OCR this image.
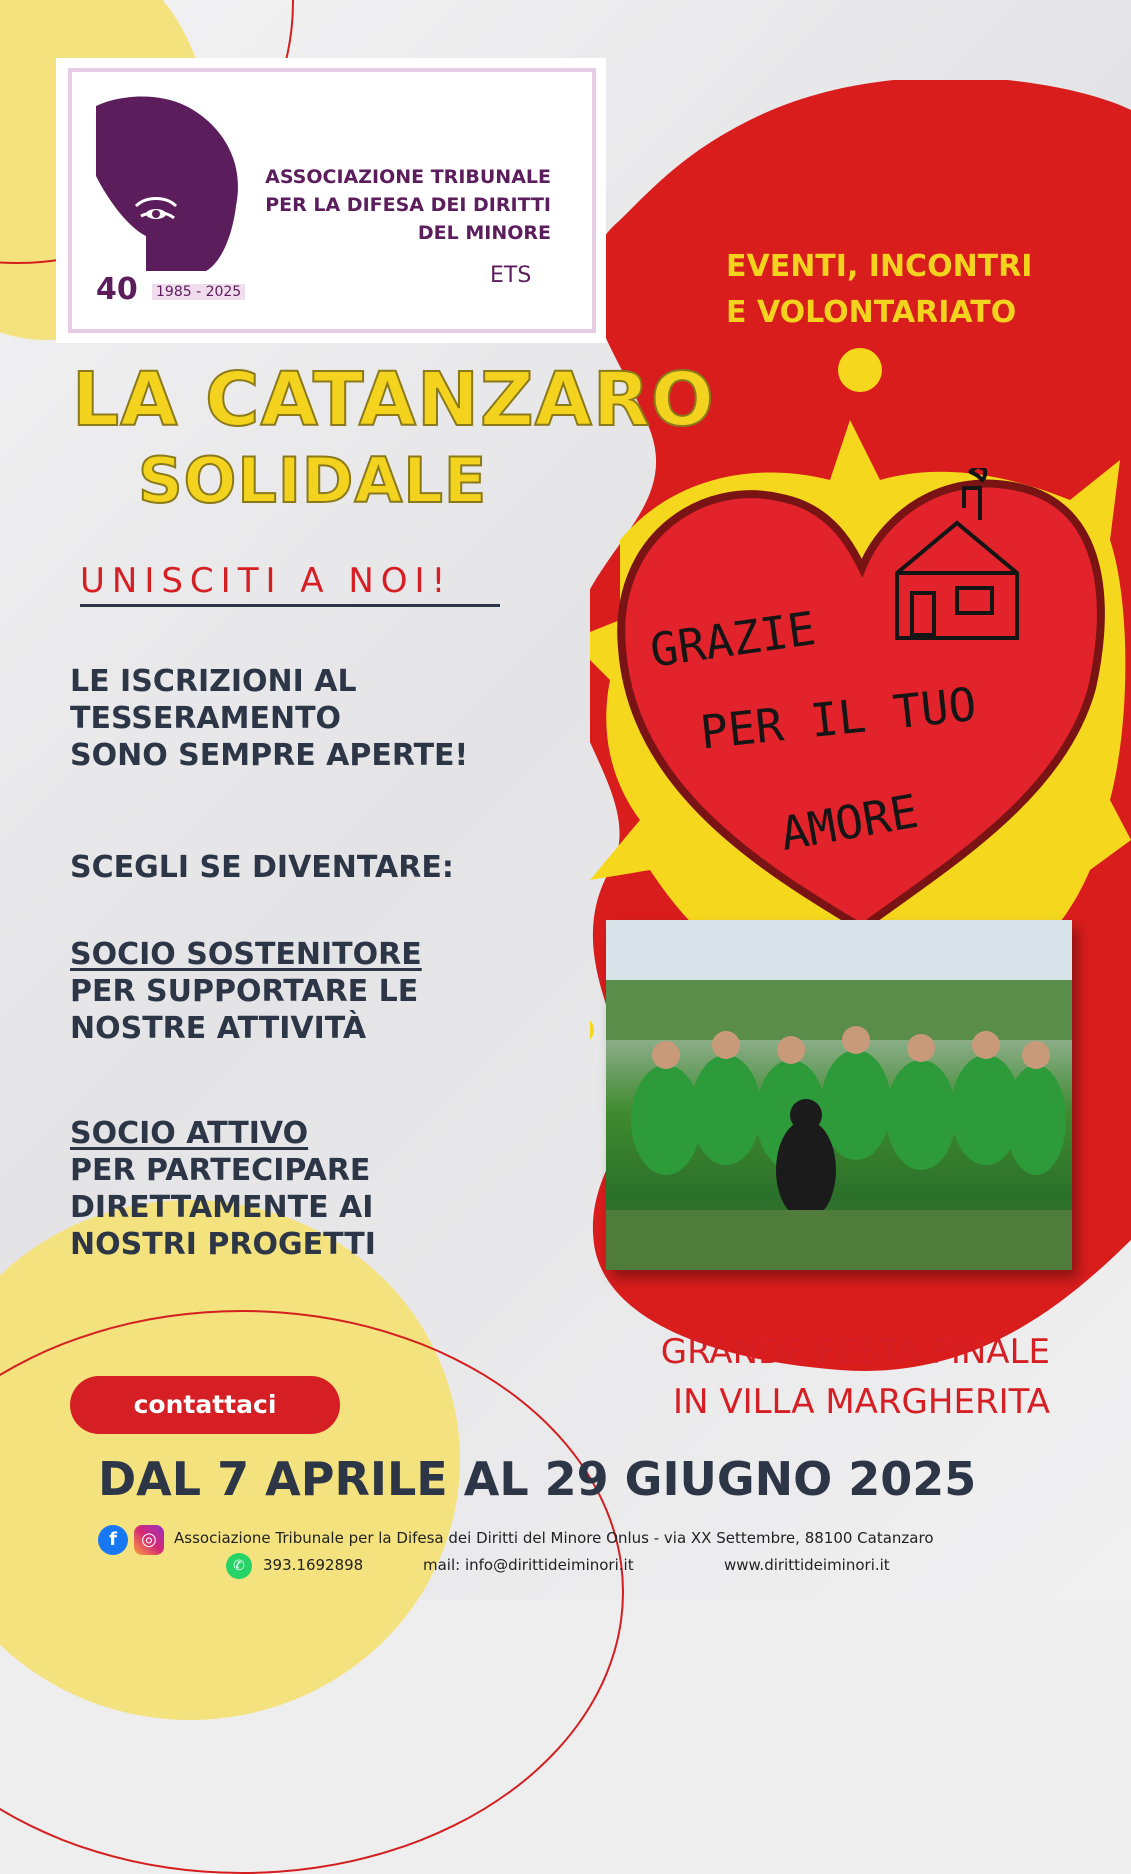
GRAZIE
PER IL TUO
AMORE
40 1985 - 2025
ASSOCIAZIONE TRIBUNALE
PER LA DIFESA DEI DIRITTI
DEL MINORE
ETS	EVENTI, INCONTRI
E VOLONTARIATO
LA CATANZARO
SOLIDALE
UNISCITI A NOI!
LE ISCRIZIONI AL
TESSERAMENTO
SONO SEMPRE APERTE!
SCEGLI SE DIVENTARE:
SOCIO SOSTENITORE
PER SUPPORTARE LE
NOSTRE ATTIVITÀ
SOCIO ATTIVO
PER PARTECIPARE
DIRETTAMENTE AI
NOSTRI PROGETTI
GRANDE FESTA FINALE
IN VILLA MARGHERITA
contattaci
DAL 7 APRILE AL 29 GIUGNO 2025
f	◎	Associazione Tribunale per la Difesa dei Diritti del Minore Onlus - via XX Settembre, 88100 Catanzaro
✆	393.1692898	mail: info@dirittideiminori.it	www.dirittideiminori.it
